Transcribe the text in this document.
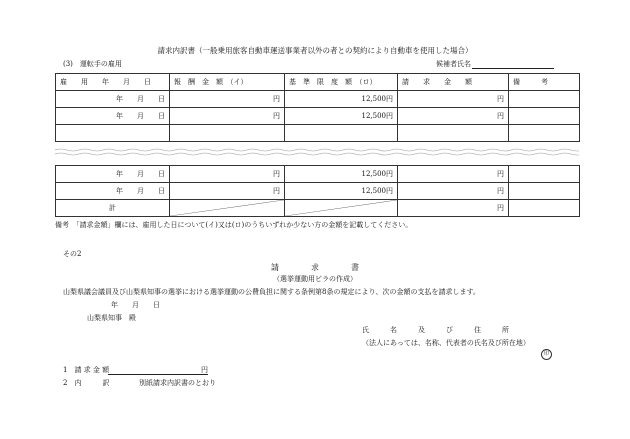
請求内訳書（一般乗用旅客自動車運送事業者以外の者との契約により自動車を使用した場合）
(3)　運転手の雇用	候補者氏名
雇　　用　　年　　月　　日	報　酬　金　額　（イ）	基　準　限　度　額　（ロ）	請　　求　　金　　額	備　　　考
年　　月　　日	円	12,500円	円	
年　　月　　日	円	12,500円	円	

年　　月　　日	円	12,500円	円	
年　　月　　日	円	12,500円	円	
計			円	
備考　「請求金額」欄には、雇用した日について(イ)又は(ロ)のうちいずれか少ない方の金額を記載してください。
その2
請　　　　求　　　　書
（選挙運動用ビラの作成）
山梨県議会議員及び山梨県知事の選挙における選挙運動の公費負担に関する条例第8条の規定により、次の金額の支払を請求します。
年　　月　　日
山梨県知事　殿
氏　　　名　　　及　　　び　　　住　　　所
（法人にあっては、名称、代表者の氏名及び所在地）
印
1　請 求 金 額	円
2　内　　　訳	別紙請求内訳書のとおり
